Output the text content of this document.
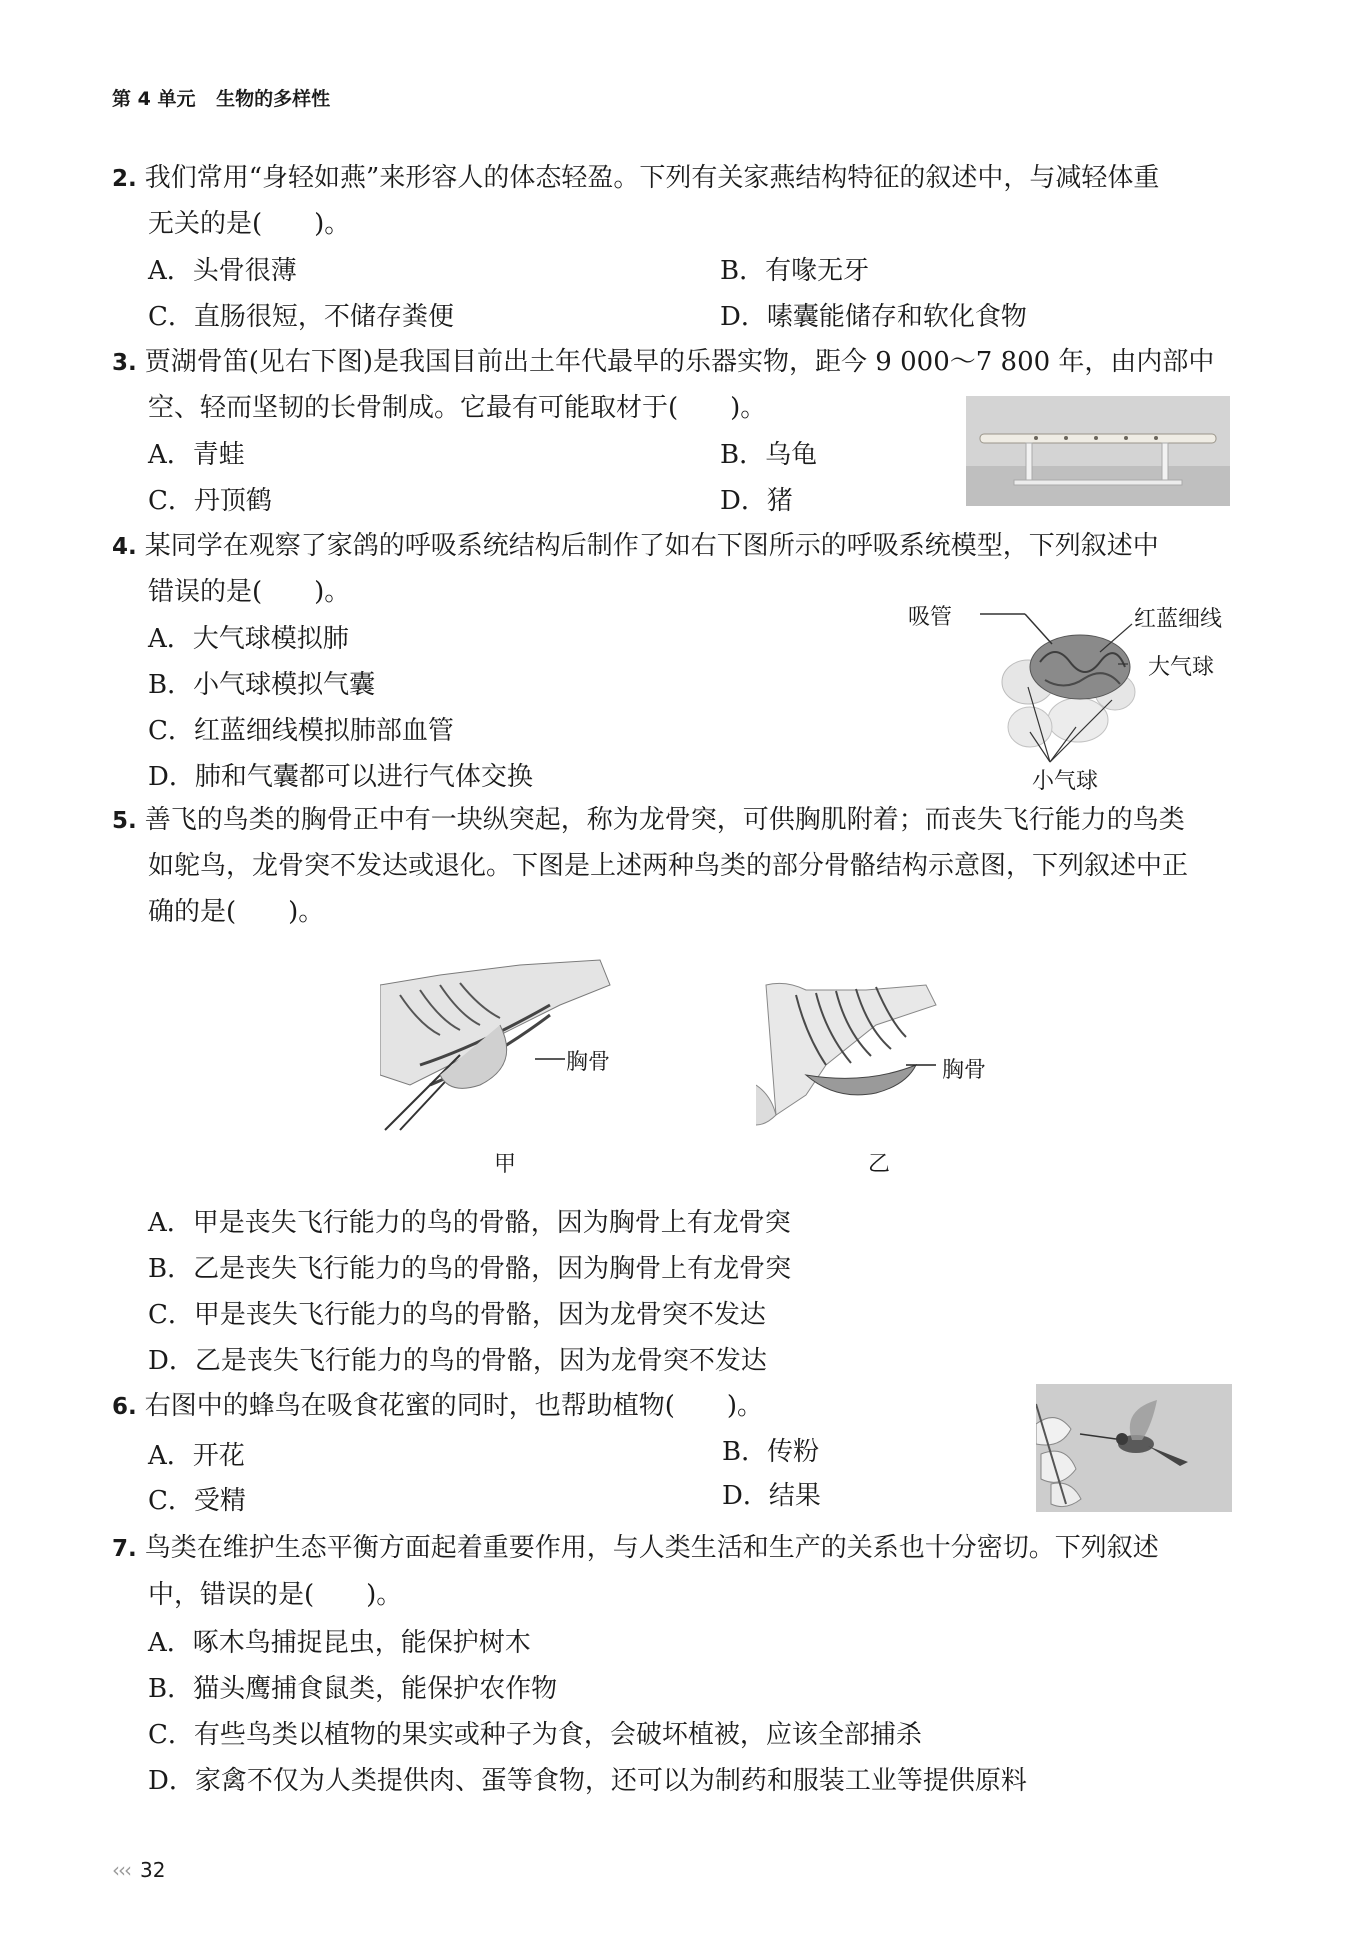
第 4 单元 生物的多样性
2. 我们常用“身轻如燕”来形容人的体态轻盈。下列有关家燕结构特征的叙述中，与减轻体重
无关的是(　　)。
A．头骨很薄	B．有喙无牙
C．直肠很短，不储存粪便	D．嗉囊能储存和软化食物
3. 贾湖骨笛(见右下图)是我国目前出土年代最早的乐器实物，距今 9 000～7 800 年，由内部中
空、轻而坚韧的长骨制成。它最有可能取材于(　　)。
A．青蛙	B．乌龟
C．丹顶鹤	D．猪
4. 某同学在观察了家鸽的呼吸系统结构后制作了如右下图所示的呼吸系统模型，下列叙述中
错误的是(　　)。
A．大气球模拟肺
B．小气球模拟气囊
C．红蓝细线模拟肺部血管
D．肺和气囊都可以进行气体交换
吸管	红蓝细线
大气球
小气球
5. 善飞的鸟类的胸骨正中有一块纵突起，称为龙骨突，可供胸肌附着；而丧失飞行能力的鸟类
如鸵鸟，龙骨突不发达或退化。下图是上述两种鸟类的部分骨骼结构示意图，下列叙述中正
确的是(　　)。
胸骨
甲
胸骨
乙
A．甲是丧失飞行能力的鸟的骨骼，因为胸骨上有龙骨突
B．乙是丧失飞行能力的鸟的骨骼，因为胸骨上有龙骨突
C．甲是丧失飞行能力的鸟的骨骼，因为龙骨突不发达
D．乙是丧失飞行能力的鸟的骨骼，因为龙骨突不发达
6. 右图中的蜂鸟在吸食花蜜的同时，也帮助植物(　　)。
A．开花	B．传粉
C．受精	D．结果
7. 鸟类在维护生态平衡方面起着重要作用，与人类生活和生产的关系也十分密切。下列叙述
中，错误的是(　　)。
A．啄木鸟捕捉昆虫，能保护树木
B．猫头鹰捕食鼠类，能保护农作物
C．有些鸟类以植物的果实或种子为食，会破坏植被，应该全部捕杀
D．家禽不仅为人类提供肉、蛋等食物，还可以为制药和服装工业等提供原料
‹‹‹ 32
